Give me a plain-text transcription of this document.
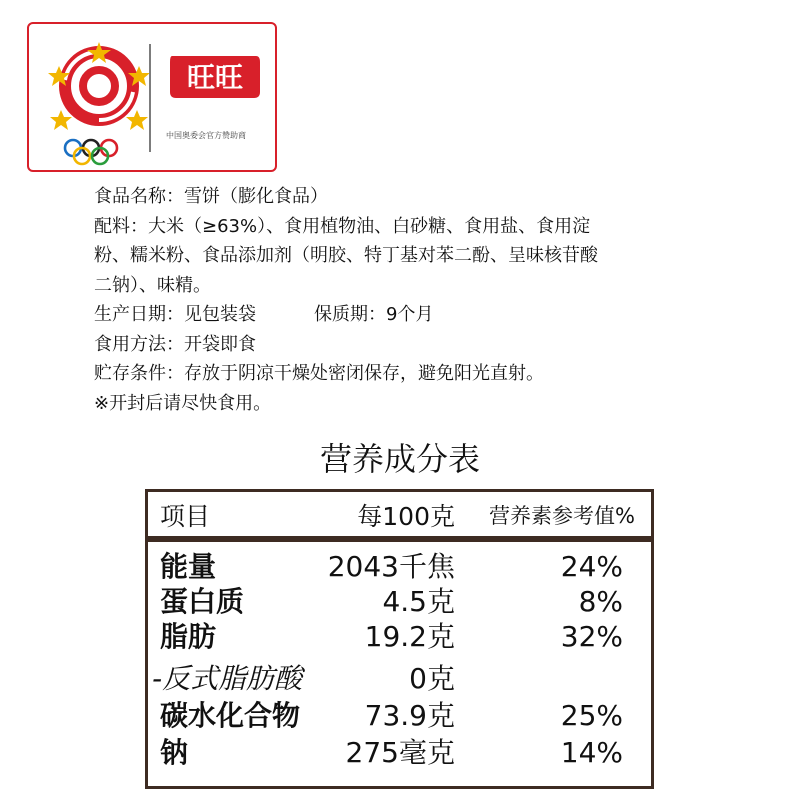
旺旺
中国奥委会官方赞助商
食品名称：雪饼（膨化食品）
配料：大米（≥63%）、食用植物油、白砂糖、食用盐、食用淀
粉、糯米粉、食品添加剂（明胶、特丁基对苯二酚、呈味核苷酸
二钠）、味精。
生产日期：见包装袋	保质期：9个月
食用方法：开袋即食
贮存条件：存放于阴凉干燥处密闭保存，避免阳光直射。
※开封后请尽快食用。
营养成分表
项目	每100克 营养素参考值%
能量	2043千焦	24%
蛋白质	4.5克	8%
脂肪	19.2克	32%
-反式脂肪酸	0克
碳水化合物 73.9克	25%
钠	275毫克	14%
